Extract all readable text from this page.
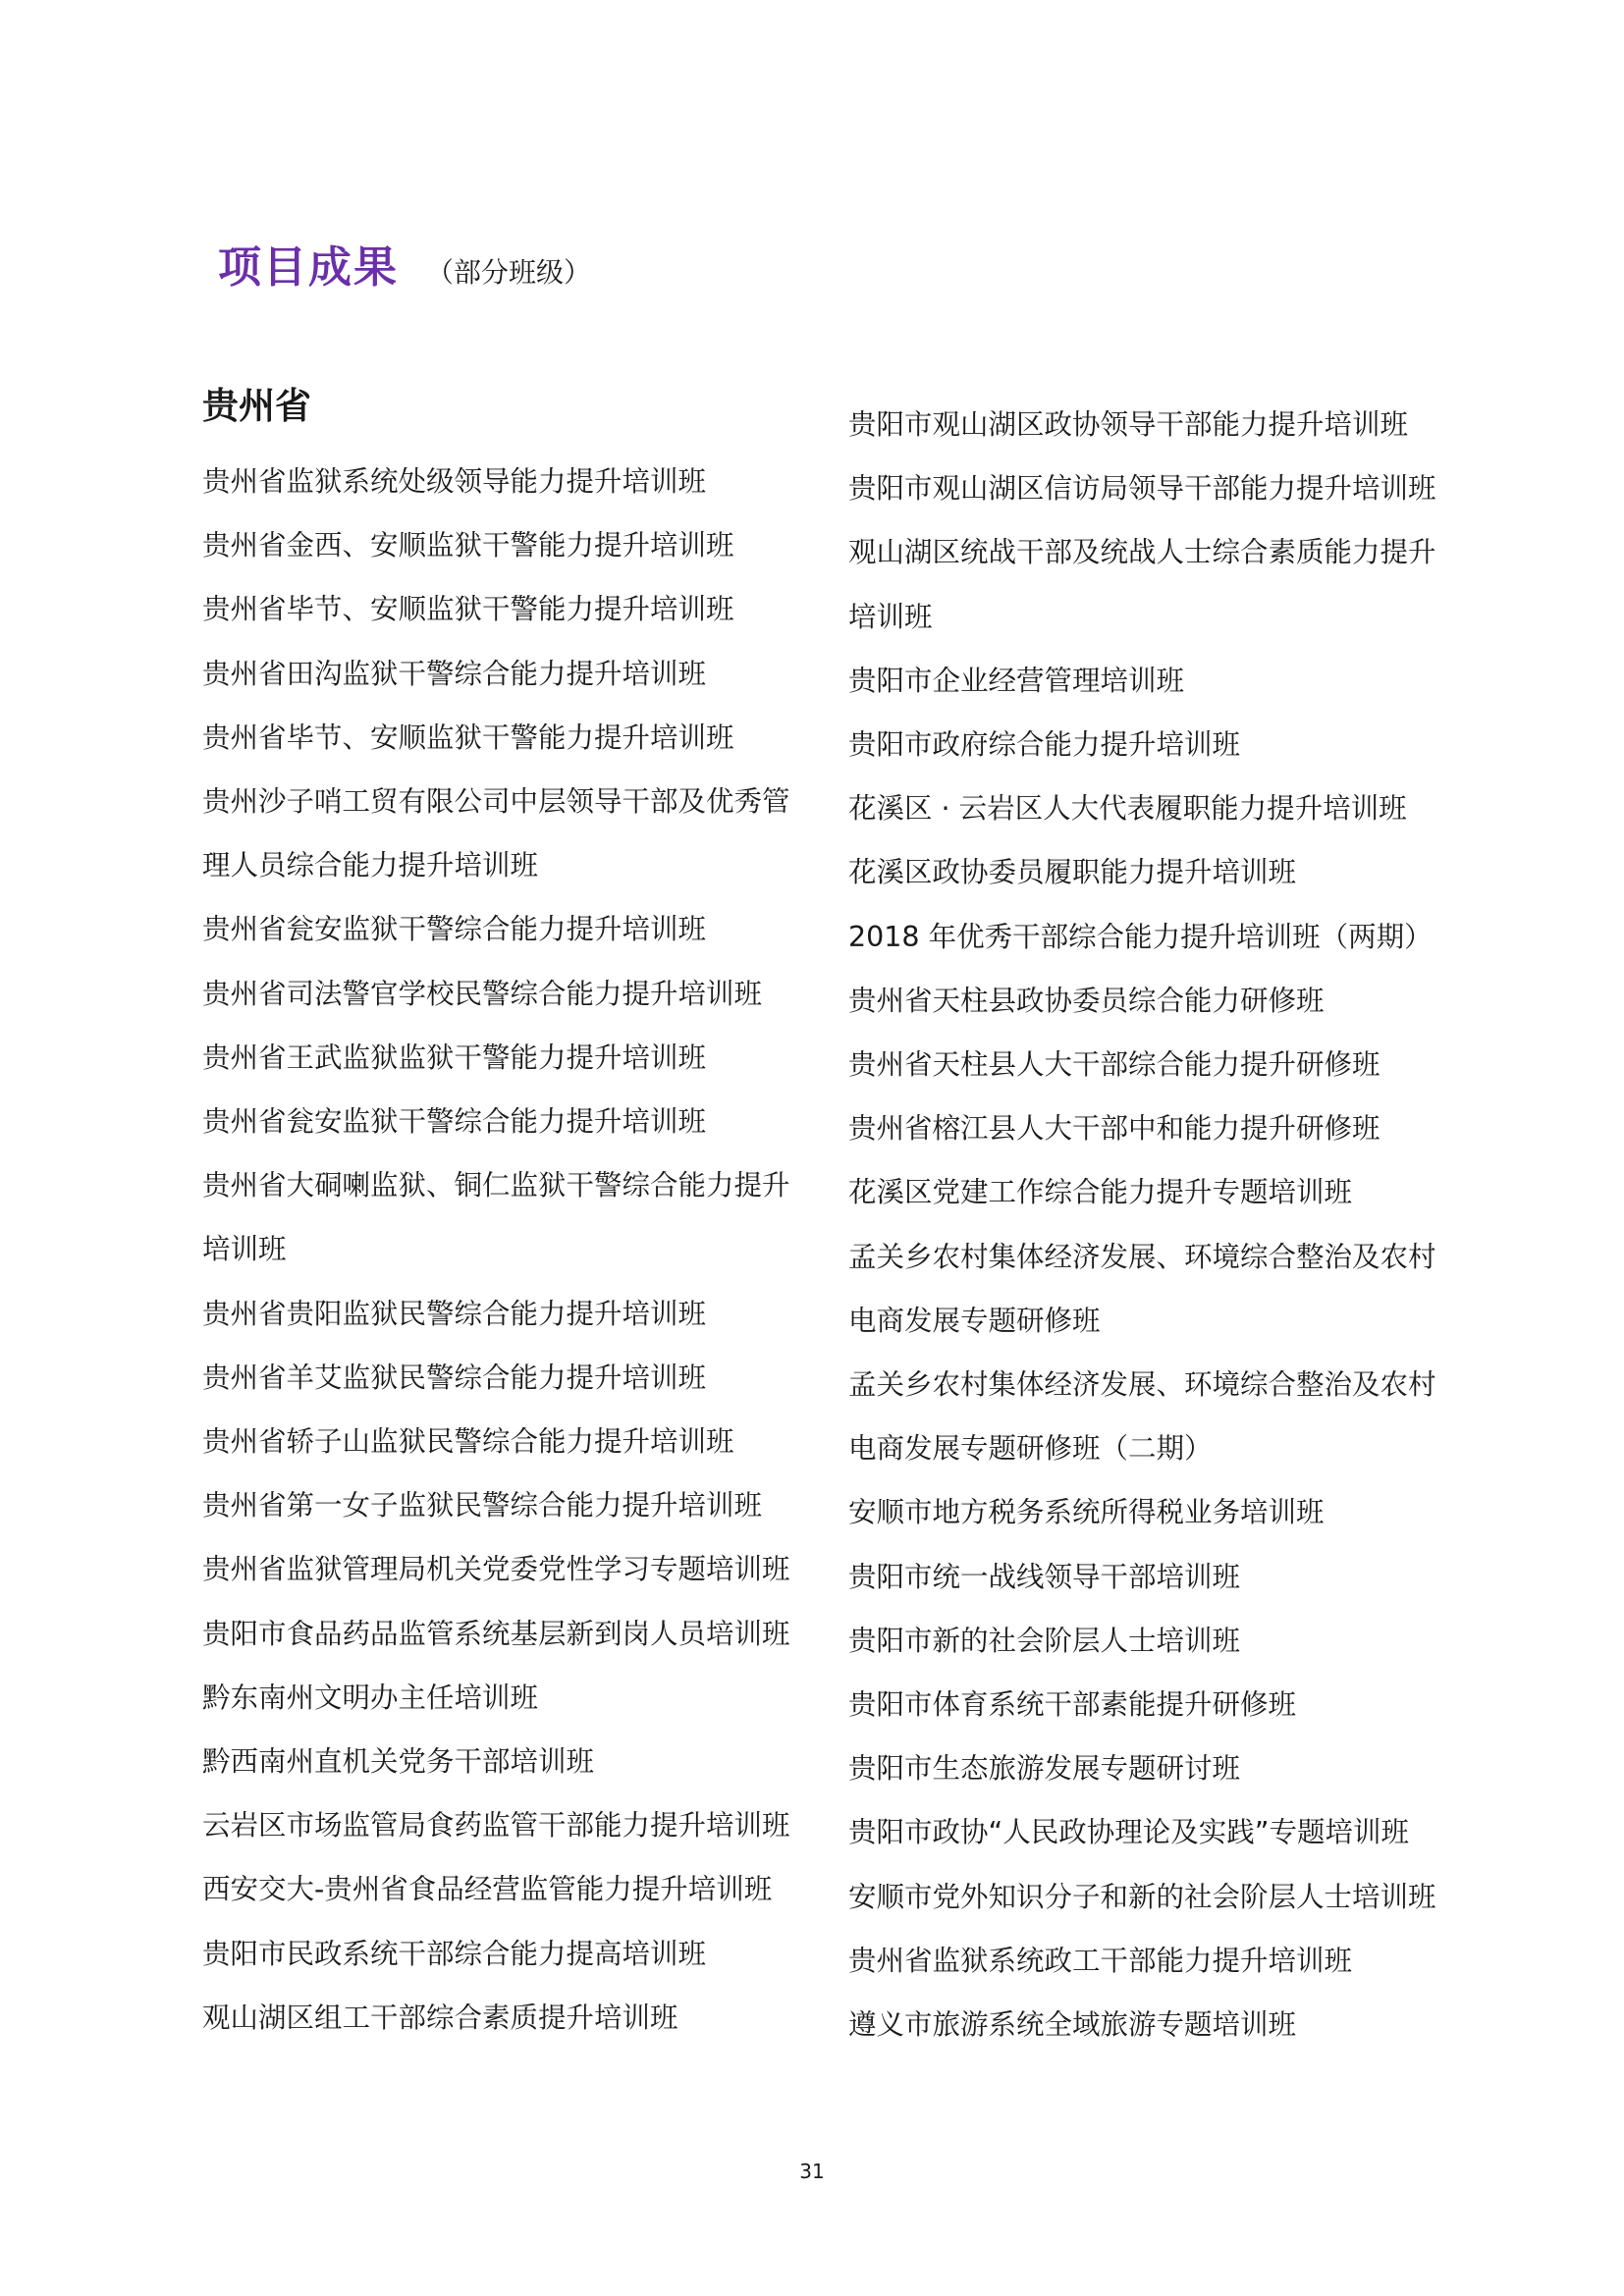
项目成果 （部分班级）
贵州省
贵州省监狱系统处级领导能力提升培训班
贵州省金西、安顺监狱干警能力提升培训班
贵州省毕节、安顺监狱干警能力提升培训班
贵州省田沟监狱干警综合能力提升培训班
贵州省毕节、安顺监狱干警能力提升培训班
贵州沙子哨工贸有限公司中层领导干部及优秀管
理人员综合能力提升培训班
贵州省瓮安监狱干警综合能力提升培训班
贵州省司法警官学校民警综合能力提升培训班
贵州省王武监狱监狱干警能力提升培训班
贵州省瓮安监狱干警综合能力提升培训班
贵州省大硐喇监狱、铜仁监狱干警综合能力提升
培训班
贵州省贵阳监狱民警综合能力提升培训班
贵州省羊艾监狱民警综合能力提升培训班
贵州省轿子山监狱民警综合能力提升培训班
贵州省第一女子监狱民警综合能力提升培训班
贵州省监狱管理局机关党委党性学习专题培训班
贵阳市食品药品监管系统基层新到岗人员培训班
黔东南州文明办主任培训班
黔西南州直机关党务干部培训班
云岩区市场监管局食药监管干部能力提升培训班
西安交大-贵州省食品经营监管能力提升培训班
贵阳市民政系统干部综合能力提高培训班
观山湖区组工干部综合素质提升培训班
贵阳市观山湖区政协领导干部能力提升培训班
贵阳市观山湖区信访局领导干部能力提升培训班
观山湖区统战干部及统战人士综合素质能力提升
培训班
贵阳市企业经营管理培训班
贵阳市政府综合能力提升培训班
花溪区 · 云岩区人大代表履职能力提升培训班
花溪区政协委员履职能力提升培训班
2018 年优秀干部综合能力提升培训班（两期）
贵州省天柱县政协委员综合能力研修班
贵州省天柱县人大干部综合能力提升研修班
贵州省榕江县人大干部中和能力提升研修班
花溪区党建工作综合能力提升专题培训班
孟关乡农村集体经济发展、环境综合整治及农村
电商发展专题研修班
孟关乡农村集体经济发展、环境综合整治及农村
电商发展专题研修班（二期）
安顺市地方税务系统所得税业务培训班
贵阳市统一战线领导干部培训班
贵阳市新的社会阶层人士培训班
贵阳市体育系统干部素能提升研修班
贵阳市生态旅游发展专题研讨班
贵阳市政协“人民政协理论及实践”专题培训班
安顺市党外知识分子和新的社会阶层人士培训班
贵州省监狱系统政工干部能力提升培训班
遵义市旅游系统全域旅游专题培训班
31
